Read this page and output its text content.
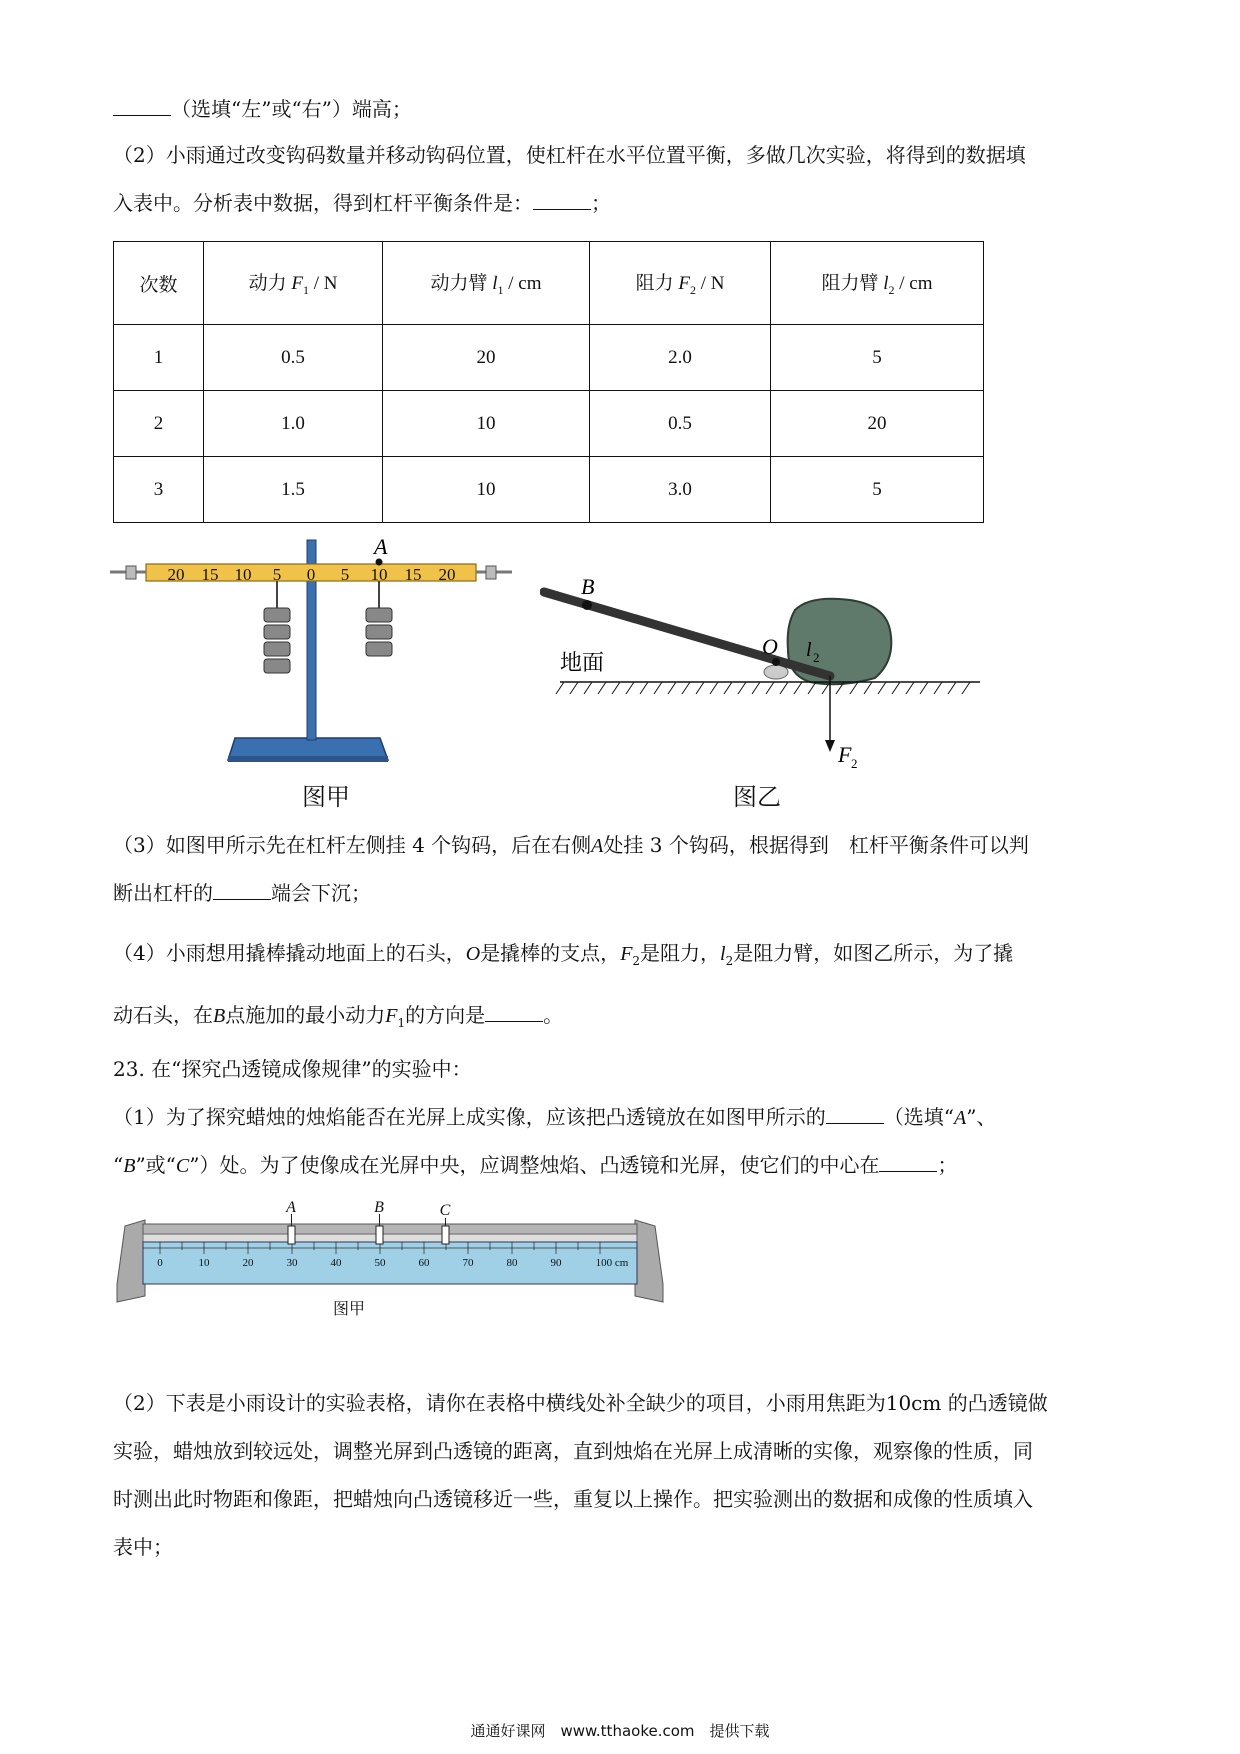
（选填“左”或“右”）端高；
（2）小雨通过改变钩码数量并移动钩码位置，使杠杆在水平位置平衡，多做几次实验，将得到的数据填
入表中。分析表中数据，得到杠杆平衡条件是：	；
次数	动力 $F_1$ / N	动力臂 $l_1$ / cm	阻力 $F_2$ / N	阻力臂 $l_2$ / cm
1	0.5	20	2.0	5
2	1.0	10	0.5	20
3	1.5	10	3.0	5
20 15 10 5 0 5 10 15 20
A
图甲
B
O l 2
地面
F 2
图乙
（3）如图甲所示先在杠杆左侧挂 4 个钩码，后在右侧A处挂 3 个钩码，根据得到　杠杆平衡条件可以判
断出杠杆的	端会下沉；
（4）小雨想用撬棒撬动地面上的石头，O是撬棒的支点，$F_2$是阻力，$l_2$是阻力臂，如图乙所示，为了撬
动石头，在B点施加的最小动力$F_1$的方向是	。
23. 在“探究凸透镜成像规律”的实验中：
（1）为了探究蜡烛的烛焰能否在光屏上成实像，应该把凸透镜放在如图甲所示的	（选填“A”、
“B”或“C”）处。为了使像成在光屏中央，应调整烛焰、凸透镜和光屏，使它们的中心在	；
0	10	20	30	40	50	60	70	80	90	100 cm
A	B	C
图甲
（2）下表是小雨设计的实验表格，请你在表格中横线处补全缺少的项目，小雨用焦距为10cm 的凸透镜做
实验，蜡烛放到较远处，调整光屏到凸透镜的距离，直到烛焰在光屏上成清晰的实像，观察像的性质，同
时测出此时物距和像距，把蜡烛向凸透镜移近一些，重复以上操作。把实验测出的数据和成像的性质填入
表中；
通通好课网　www.tthaoke.com　提供下载
